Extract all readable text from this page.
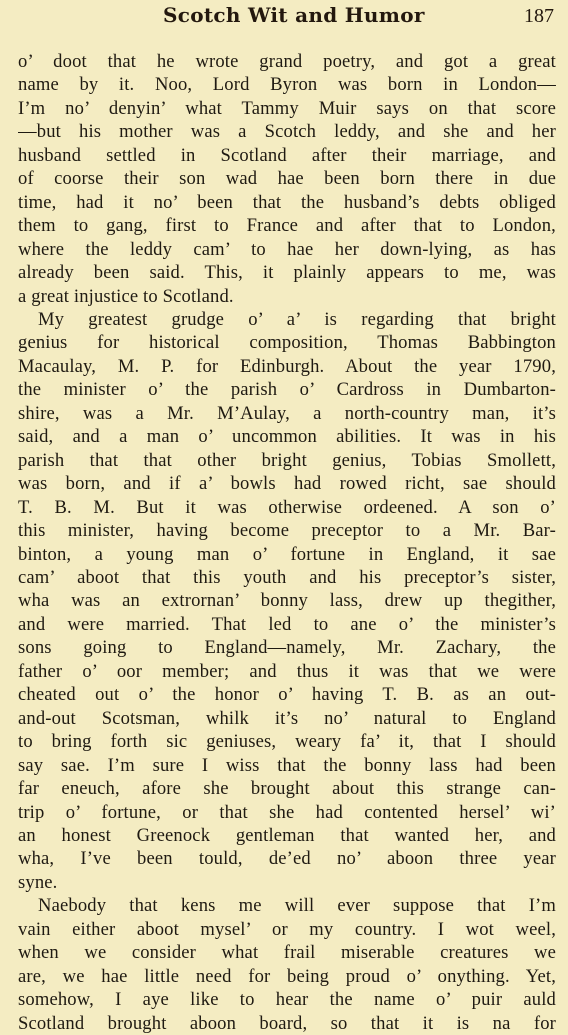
Scotch Wit and Humor	187
o’ doot that he wrote grand poetry, and got a great
name by it. Noo, Lord Byron was born in London—
I’m no’ denyin’ what Tammy Muir says on that score
—but his mother was a Scotch leddy, and she and her
husband settled in Scotland after their marriage, and
of coorse their son wad hae been born there in due
time, had it no’ been that the husband’s debts obliged
them to gang, first to France and after that to London,
where the leddy cam’ to hae her down-lying, as has
already been said. This, it plainly appears to me, was
a great injustice to Scotland.
My greatest grudge o’ a’ is regarding that bright
genius for historical composition, Thomas Babbington
Macaulay, M. P. for Edinburgh. About the year 1790,
the minister o’ the parish o’ Cardross in Dumbarton-
shire, was a Mr. M’Aulay, a north-country man, it’s
said, and a man o’ uncommon abilities. It was in his
parish that that other bright genius, Tobias Smollett,
was born, and if a’ bowls had rowed richt, sae should
T. B. M. But it was otherwise ordeened. A son o’
this minister, having become preceptor to a Mr. Bar-
binton, a young man o’ fortune in England, it sae
cam’ aboot that this youth and his preceptor’s sister,
wha was an extrornan’ bonny lass, drew up thegither,
and were married. That led to ane o’ the minister’s
sons going to England—namely, Mr. Zachary, the
father o’ oor member; and thus it was that we were
cheated out o’ the honor o’ having T. B. as an out-
and-out Scotsman, whilk it’s no’ natural to England
to bring forth sic geniuses, weary fa’ it, that I should
say sae. I’m sure I wiss that the bonny lass had been
far eneuch, afore she brought about this strange can-
trip o’ fortune, or that she had contented hersel’ wi’
an honest Greenock gentleman that wanted her, and
wha, I’ve been tould, de’ed no’ aboon three year
syne.
Naebody that kens me will ever suppose that I’m
vain either aboot mysel’ or my country. I wot weel,
when we consider what frail miserable creatures we
are, we hae little need for being proud o’ onything. Yet,
somehow, I aye like to hear the name o’ puir auld
Scotland brought aboon board, so that it is na for
